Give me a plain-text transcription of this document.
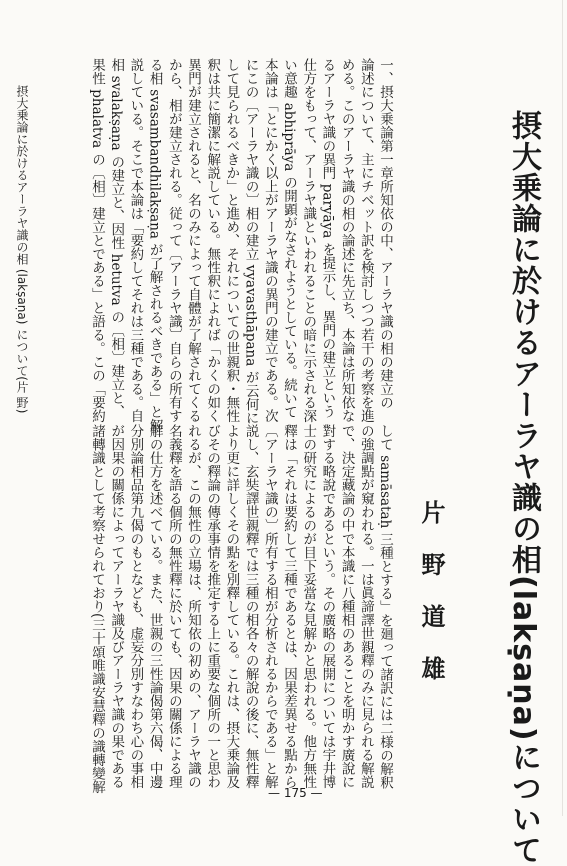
摂大乗論に於けるアーラヤ識の相(lakṣaṇa)について
片野道雄
一、摂大乗論第一章所知依の中、アーラヤ識の相の建立の
論述について、主にチベット訳を検討しつつ若干の考察を進
める。このアーラヤ識の相の論述に先立ち、本論は所知依な
るアーラヤ識の異門 paryāya を提示し、異門の建立という
仕方をもって、アーラヤ識といわれることの暗に示される深
い意趣 abhiprāya の開顕がなされようとしている。続いて
本論は「とにかく以上がアーラヤ識の異門の建立である。次
にこの〔アーラヤ識の〕相の建立 vyavasthāpana が云何に
して見られるべきか」と進め、それについての世親釈・無性
釈は共に簡潔に解説している。無性釈によれば「かくの如く
異門が建立されると、名のみによって自體が了解されてくる
から、相が建立される。従って〔アーラヤ識〕自らの所有す
る相 svasambandhilakṣaṇa が了解されるべきである」と解
説している。そこで本論は「要約してそれは三種である。自
相 svalakṣaṇa の建立と、因性 hetutva の〔相〕建立と、
果性 phalatva の〔相〕建立とである」と語る。この「要約
して samāsataḥ 三種とする」を廻って諸訳には二様の解釈
の強調點が窺われる。一は眞諦譯世親釋のみに見られる解説
で、決定藏論の中で本識に八種相のあることを明かす廣說に
對する略說であるという。その廣略の展開については宇井博
士の研究によるのが目下妥當な見解かと思われる。他方無性
釋は「それは要約して三種であるとは、因果差異せる點から
〔アーラヤ識の〕所有する相が分析されるからである」と解
説し、玄奘譯世親釋では三種の相各々の解說の後に、無性釋
より更に詳しくその點を別釋している。これは、摂大乗論及
びその釋論の傳承事情を推定する上に重要な個所の一と思わ
れるが、この無性の立場は、所知依の初めの、アーラヤ識の
名義釋を語る個所の無性釋に於いても、因果の關係による理
解の仕方を述べている。また、世親の三性論偈第六偈、中邊
分別論相品第九偈のもとなども、虚妄分別すなわち心の事相
が因果の關係によってアーラヤ識及びアーラヤ識の果である
諸轉識として考察せられており(三十頌唯識安慧釋の識轉變解
摂大乗論に於けるアーラヤ識の相 (lakṣaṇa) について(片 野)
— 175 —
